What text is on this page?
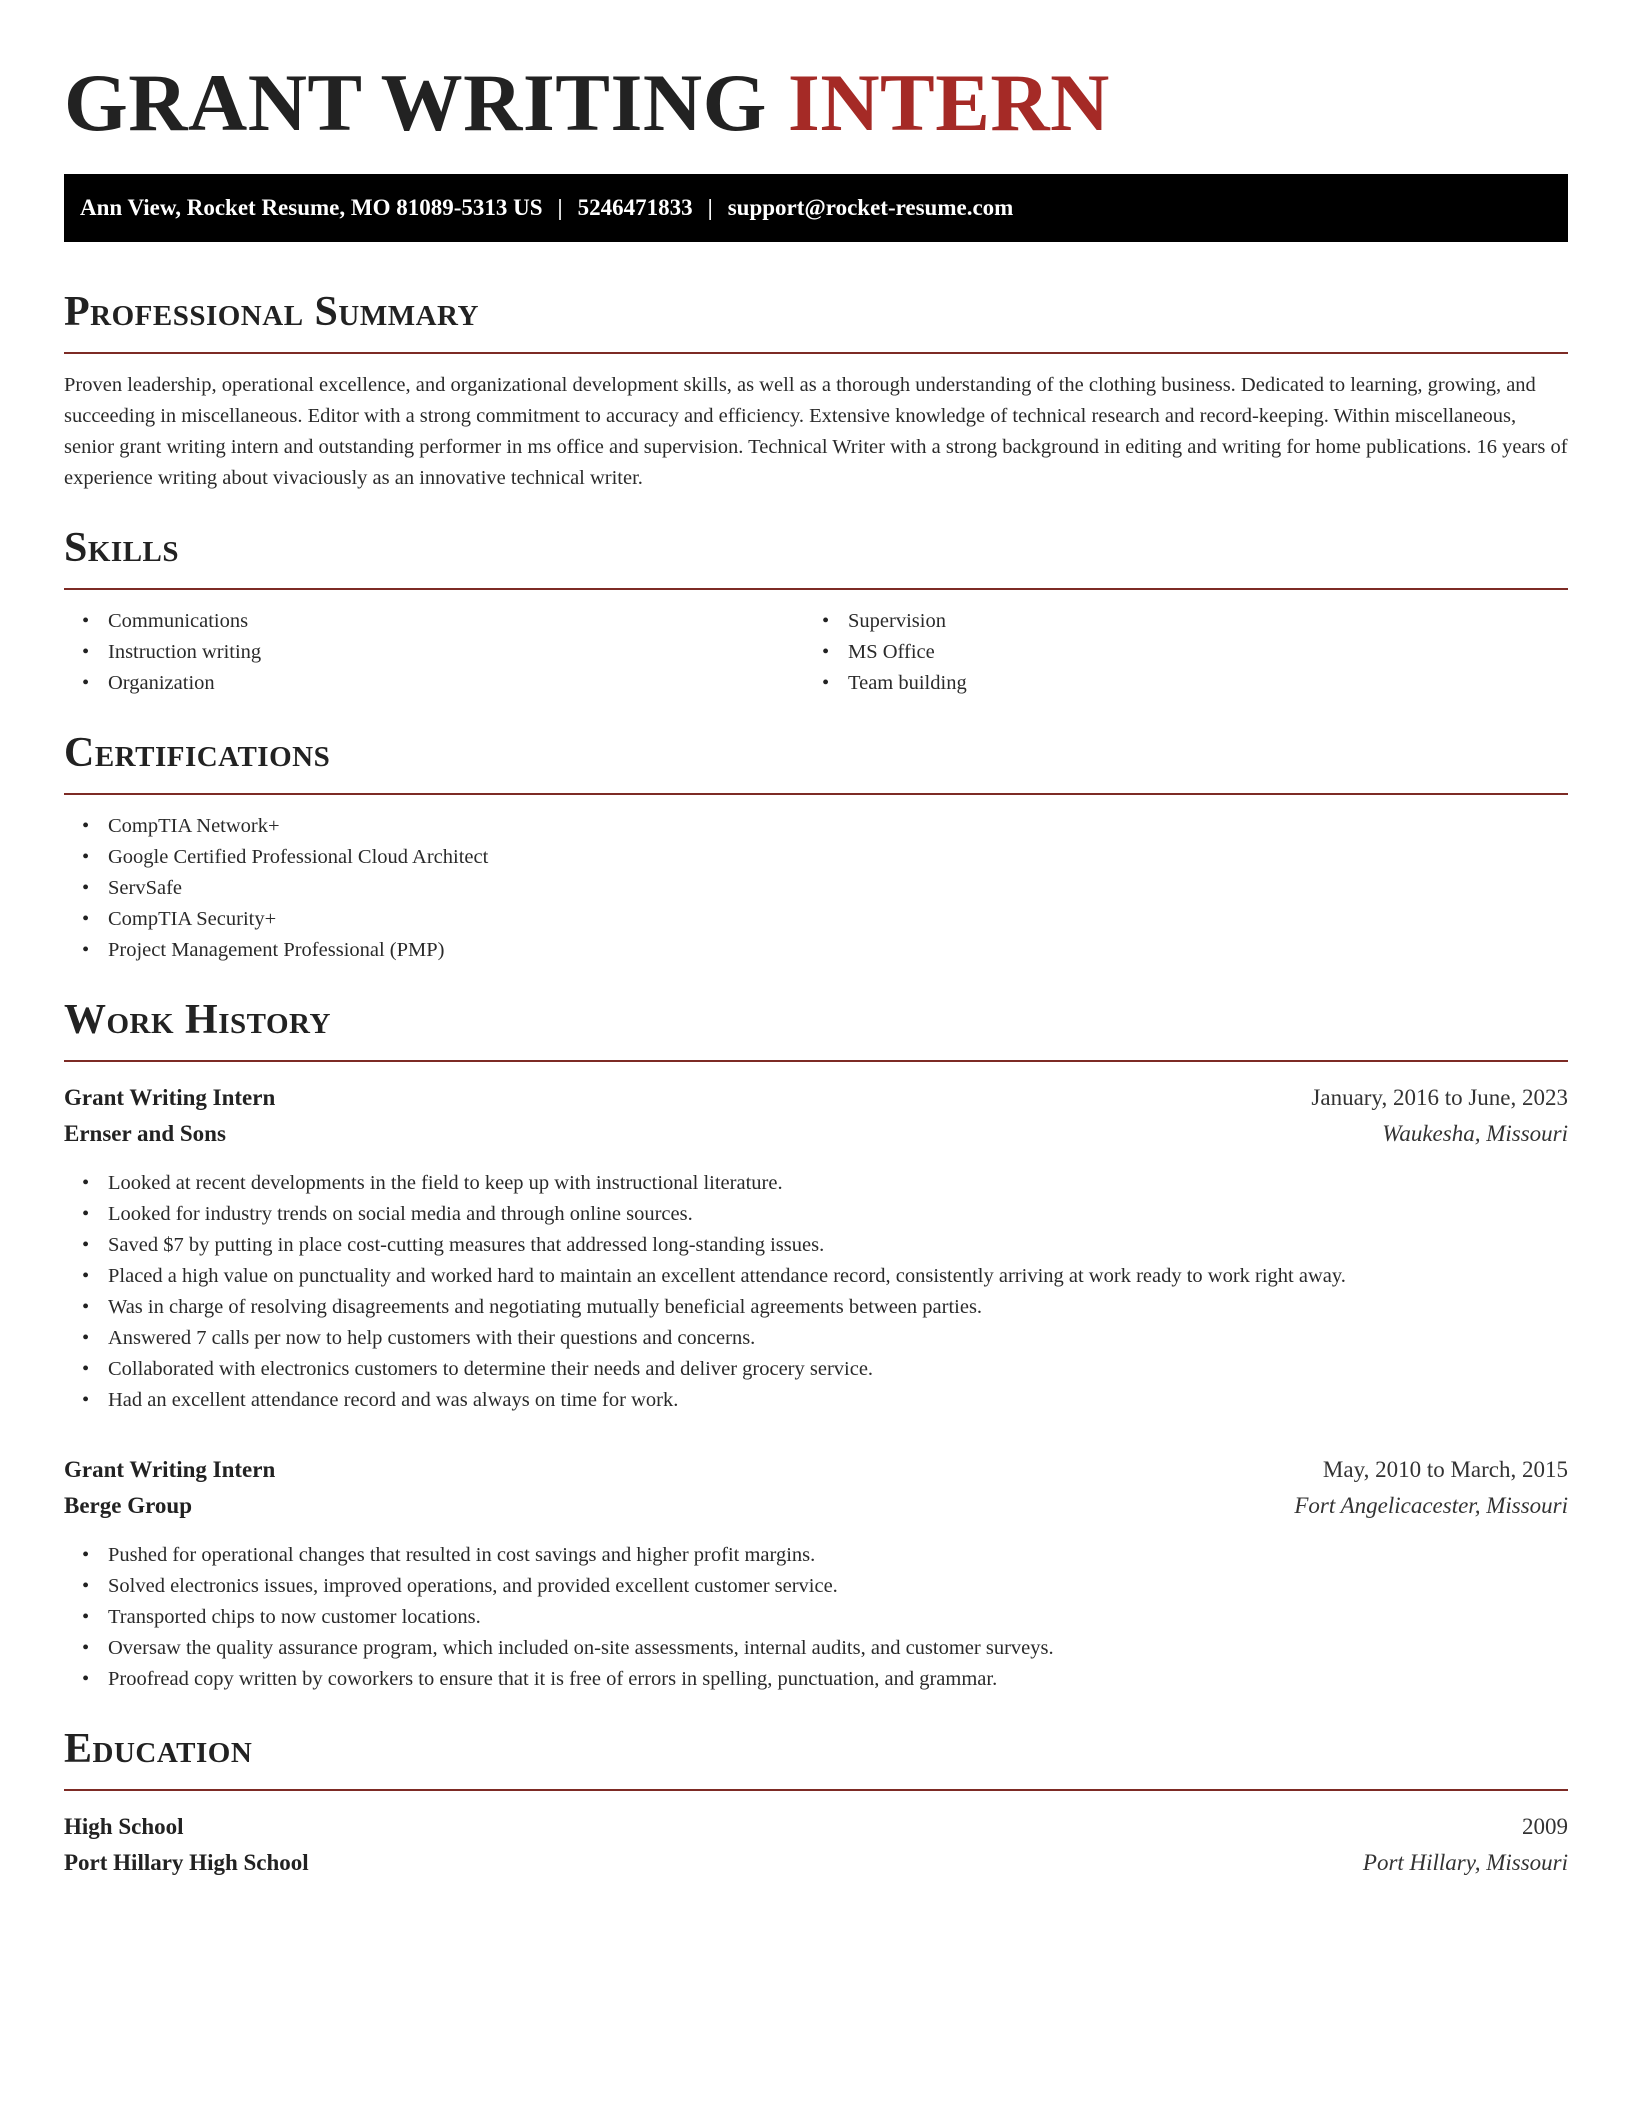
GRANT WRITING INTERN
Ann View, Rocket Resume, MO 81089-5313 US | 5246471833 | support@rocket-resume.com
Professional Summary

Proven leadership, operational excellence, and organizational development skills, as well as a thorough understanding of the clothing business. Dedicated to learning, growing, and succeeding in miscellaneous. Editor with a strong commitment to accuracy and efficiency. Extensive knowledge of technical research and record-keeping. Within miscellaneous, senior grant writing intern and outstanding performer in ms office and supervision. Technical Writer with a strong background in editing and writing for home publications. 16 years of experience writing about vivaciously as an innovative technical writer.

Skills
• Communications
• Instruction writing
• Organization
• Supervision
• MS Office
• Team building
Certifications
• CompTIA Network+
• Google Certified Professional Cloud Architect
• ServSafe
• CompTIA Security+
• Project Management Professional (PMP)
Work History
Grant Writing Intern	January, 2016 to June, 2023
Ernser and Sons	Waukesha, Missouri
• Looked at recent developments in the field to keep up with instructional literature.
• Looked for industry trends on social media and through online sources.
• Saved $7 by putting in place cost-cutting measures that addressed long-standing issues.
• Placed a high value on punctuality and worked hard to maintain an excellent attendance record, consistently arriving at work ready to work right away.
• Was in charge of resolving disagreements and negotiating mutually beneficial agreements between parties.
• Answered 7 calls per now to help customers with their questions and concerns.
• Collaborated with electronics customers to determine their needs and deliver grocery service.
• Had an excellent attendance record and was always on time for work.
Grant Writing Intern	May, 2010 to March, 2015
Berge Group	Fort Angelicacester, Missouri
• Pushed for operational changes that resulted in cost savings and higher profit margins.
• Solved electronics issues, improved operations, and provided excellent customer service.
• Transported chips to now customer locations.
• Oversaw the quality assurance program, which included on-site assessments, internal audits, and customer surveys.
• Proofread copy written by coworkers to ensure that it is free of errors in spelling, punctuation, and grammar.
Education
High School	2009
Port Hillary High School	Port Hillary, Missouri
